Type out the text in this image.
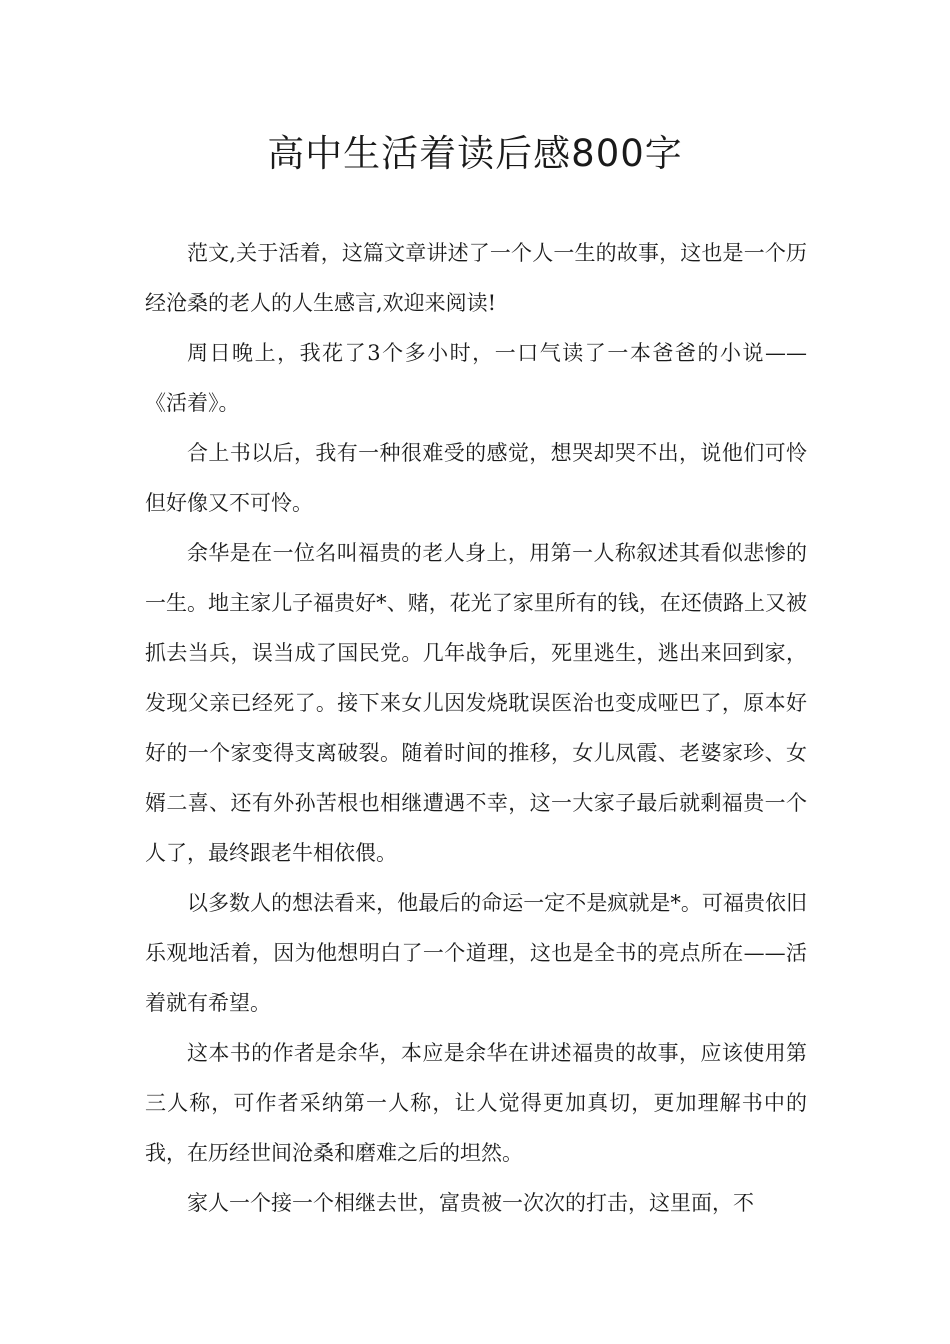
高中生活着读后感800字

范文,关于活着，这篇文章讲述了一个人一生的故事，这也是一个历经沧桑的老人的人生感言,欢迎来阅读!

周日晚上，我花了3个多小时，一口气读了一本爸爸的小说——《活着》。

合上书以后，我有一种很难受的感觉，想哭却哭不出，说他们可怜但好像又不可怜。

余华是在一位名叫福贵的老人身上，用第一人称叙述其看似悲惨的一生。地主家儿子福贵好*、赌，花光了家里所有的钱，在还债路上又被抓去当兵，误当成了国民党。几年战争后，死里逃生，逃出来回到家，发现父亲已经死了。接下来女儿因发烧耽误医治也变成哑巴了，原本好好的一个家变得支离破裂。随着时间的推移，女儿凤霞、老婆家珍、女婿二喜、还有外孙苦根也相继遭遇不幸，这一大家子最后就剩福贵一个人了，最终跟老牛相依偎。

以多数人的想法看来，他最后的命运一定不是疯就是*。可福贵依旧乐观地活着，因为他想明白了一个道理，这也是全书的亮点所在——活着就有希望。

这本书的作者是余华，本应是余华在讲述福贵的故事，应该使用第三人称，可作者采纳第一人称，让人觉得更加真切，更加理解书中的我，在历经世间沧桑和磨难之后的坦然。

家人一个接一个相继去世，富贵被一次次的打击，这里面，不
